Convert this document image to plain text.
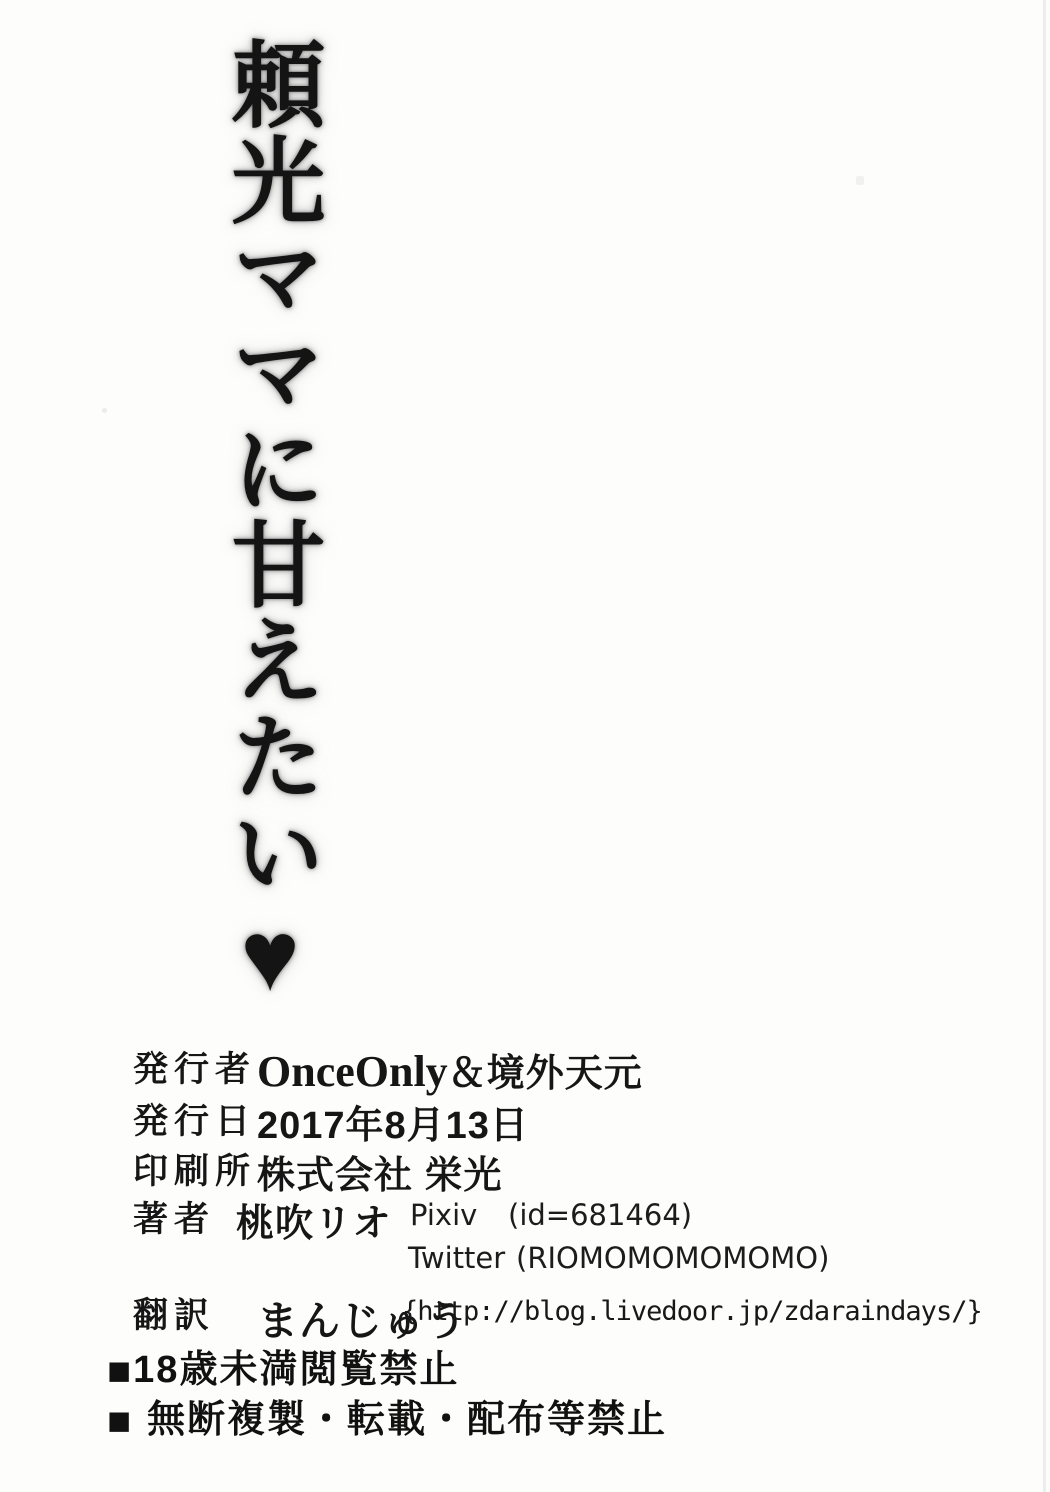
頼光ママに甘えたい♥
発行者 OnceOnly＆境外天元
発行日 2017年8月13日
印刷所 株式会社 栄光
著者 桃吹リオ Pixiv (id=681464)
Twitter (RIOMOMOMOMOMO)
翻訳 まんじゅう
{http://blog.livedoor.jp/zdaraindays/}
■18歳未満閲覧禁止
■ 無断複製・転載・配布等禁止
